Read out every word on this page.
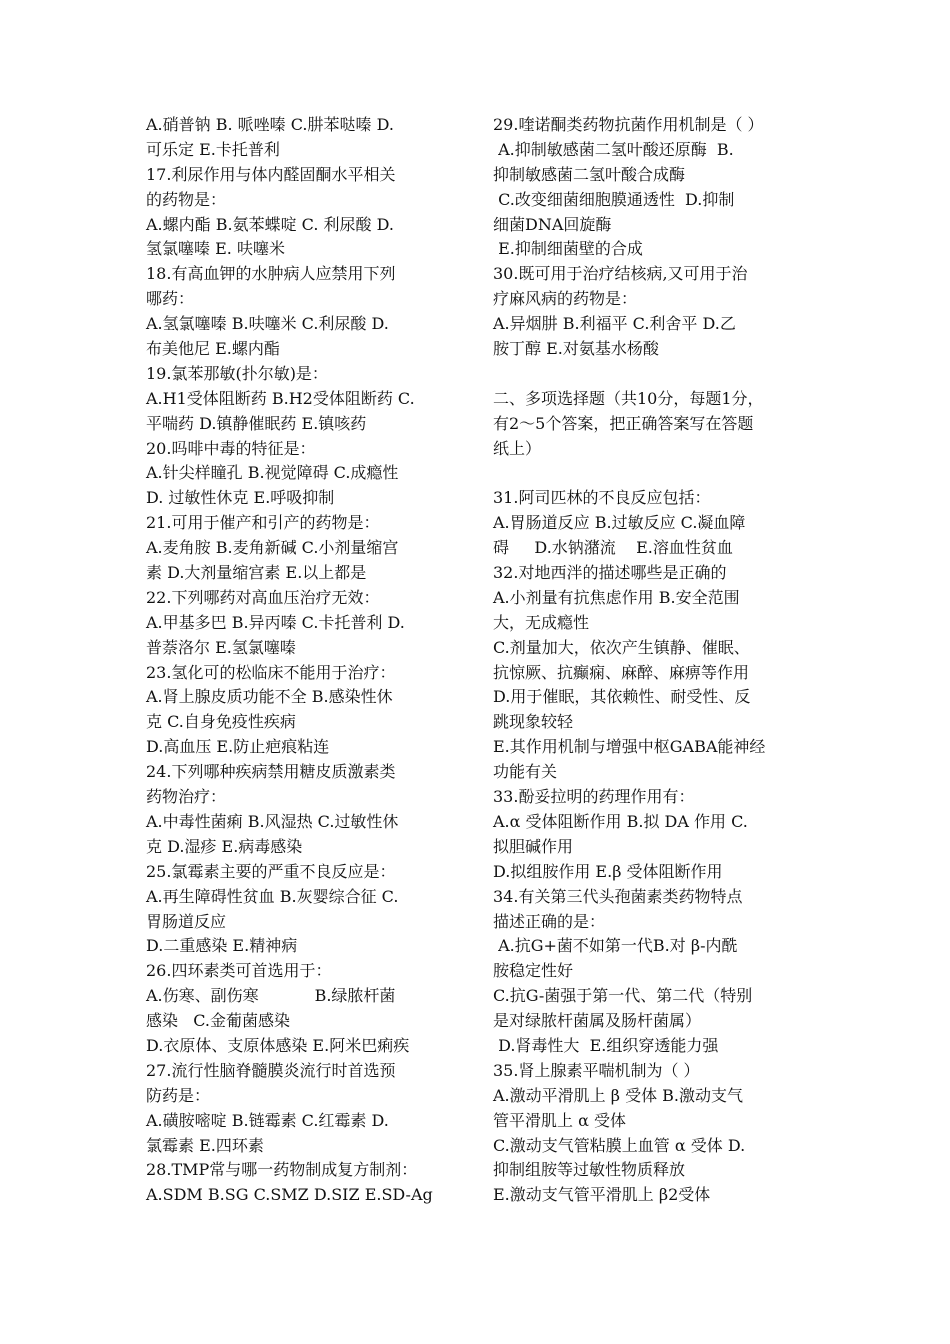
A.硝普钠 B. 哌唑嗪 C.肼苯哒嗪 D.
可乐定 E.卡托普利
17.利尿作用与体内醛固酮水平相关
的药物是：
A.螺内酯 B.氨苯蝶啶 C. 利尿酸 D.
氢氯噻嗪 E. 呋噻米
18.有高血钾的水肿病人应禁用下列
哪药：
A.氢氯噻嗪 B.呋噻米 C.利尿酸 D.
布美他尼 E.螺内酯
19.氯苯那敏(扑尔敏)是：
A.H1受体阻断药 B.H2受体阻断药 C.
平喘药 D.镇静催眠药 E.镇咳药
20.吗啡中毒的特征是：
A.针尖样瞳孔 B.视觉障碍 C.成瘾性
D. 过敏性休克 E.呼吸抑制
21.可用于催产和引产的药物是：
A.麦角胺 B.麦角新碱 C.小剂量缩宫
素 D.大剂量缩宫素 E.以上都是
22.下列哪药对高血压治疗无效：
A.甲基多巴 B.异丙嗪 C.卡托普利 D.
普萘洛尔 E.氢氯噻嗪
23.氢化可的松临床不能用于治疗：
A.肾上腺皮质功能不全 B.感染性休
克 C.自身免疫性疾病
D.高血压 E.防止疤痕粘连
24.下列哪种疾病禁用糖皮质激素类
药物治疗：
A.中毒性菌痢 B.风湿热 C.过敏性休
克 D.湿疹 E.病毒感染
25.氯霉素主要的严重不良反应是：
A.再生障碍性贫血 B.灰婴综合征 C.
胃肠道反应
D.二重感染 E.精神病
26.四环素类可首选用于：
A.伤寒、副伤寒           B.绿脓杆菌
感染   C.金葡菌感染
D.衣原体、支原体感染 E.阿米巴痢疾
27.流行性脑脊髓膜炎流行时首选预
防药是：
A.磺胺嘧啶 B.链霉素 C.红霉素 D.
氯霉素 E.四环素
28.TMP常与哪一药物制成复方制剂：
A.SDM B.SG C.SMZ D.SIZ E.SD-Ag
29.喹诺酮类药物抗菌作用机制是（ ）
A.抑制敏感菌二氢叶酸还原酶  B.
抑制敏感菌二氢叶酸合成酶
C.改变细菌细胞膜通透性  D.抑制
细菌DNA回旋酶
E.抑制细菌壁的合成
30.既可用于治疗结核病,又可用于治
疗麻风病的药物是：
A.异烟肼 B.利福平 C.利舍平 D.乙
胺丁醇 E.对氨基水杨酸
二、多项选择题（共10分，每题1分，
有2～5个答案，把正确答案写在答题
纸上）
31.阿司匹林的不良反应包括：
A.胃肠道反应 B.过敏反应 C.凝血障
碍     D.水钠潴流    E.溶血性贫血
32.对地西泮的描述哪些是正确的
A.小剂量有抗焦虑作用 B.安全范围
大，无成瘾性
C.剂量加大，依次产生镇静、催眠、
抗惊厥、抗癫痫、麻醉、麻痹等作用
D.用于催眠，其依赖性、耐受性、反
跳现象较轻
E.其作用机制与增强中枢GABA能神经
功能有关
33.酚妥拉明的药理作用有：
A.α 受体阻断作用 B.拟 DA 作用 C.
拟胆碱作用
D.拟组胺作用 E.β 受体阻断作用
34.有关第三代头孢菌素类药物特点
描述正确的是：
A.抗G+菌不如第一代B.对 β-内酰
胺稳定性好
C.抗G-菌强于第一代、第二代（特别
是对绿脓杆菌属及肠杆菌属）
D.肾毒性大  E.组织穿透能力强
35.肾上腺素平喘机制为（ ）
A.激动平滑肌上 β 受体 B.激动支气
管平滑肌上 α 受体
C.激动支气管粘膜上血管 α 受体 D.
抑制组胺等过敏性物质释放
E.激动支气管平滑肌上 β2受体
